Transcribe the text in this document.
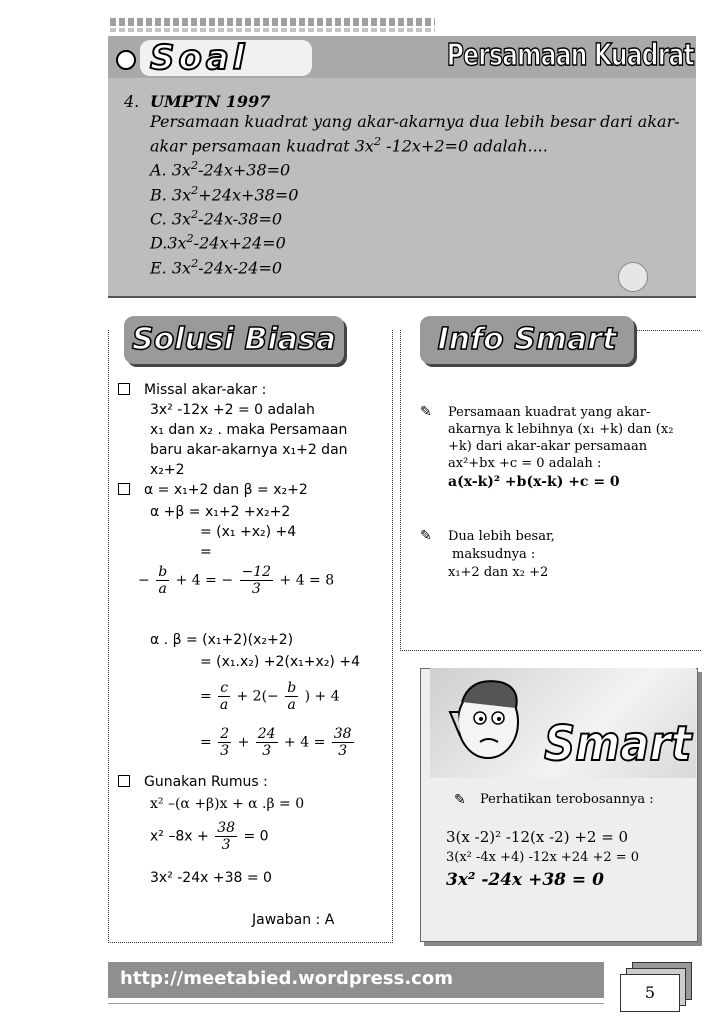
Soal	Persamaan Kuadrat
4. UMPTN 1997
Persamaan kuadrat yang akar-akarnya dua lebih besar dari akar-
akar persamaan kuadrat $3x^2$ -12x+2=0 adalah....
A. $3x^2-24x+38=0$
B. $3x^2+24x+38=0$
C. $3x^2-24x-38=0$
$D.3x^2-24x+24=0$
E. $3x^2-24x-24=0$
Solusi Biasa	Info Smart
Missal akar-akar :
3x² -12x +2 = 0 adalah
x₁ dan x₂ . maka Persamaan
baru akar-akarnya x₁+2 dan
x₂+2
α = x₁+2 dan β = x₂+2
α +β = x₁+2 +x₂+2
= (x₁ +x₂) +4
=
− $\frac{b}{a} + 4$ = − $\frac{-12}{3} + 4 = 8$
α . β = (x₁+2)(x₂+2)
= (x₁.x₂) +2(x₁+x₂) +4
= $\frac{c}{a} + 2(- \frac{b}{a}$ ) + 4
= $\frac{2}{3} + \frac{24}{3} + 4 = \frac{38}{3}$
Gunakan Rumus :
x² –(α +β)x + α .β = 0
x² $-8x + \frac{38}{3} = 0$
3x² -24x +38 = 0
Jawaban : A
✎ Persamaan kuadrat yang akar-
akarnya k lebihnya (x₁ +k) dan (x₂
+k) dari akar-akar persamaan
ax²+bx +c = 0 adalah :
a(x-k)² +b(x-k) +c = 0
✎ Dua lebih besar,
maksudnya :
x₁+2 dan x₂ +2
Smart
✎ Perhatikan terobosannya :
3(x -2)² -12(x -2) +2 = 0
3(x² -4x +4) -12x +24 +2 = 0
3x² -24x +38 = 0
http://meetabied.wordpress.com
5
